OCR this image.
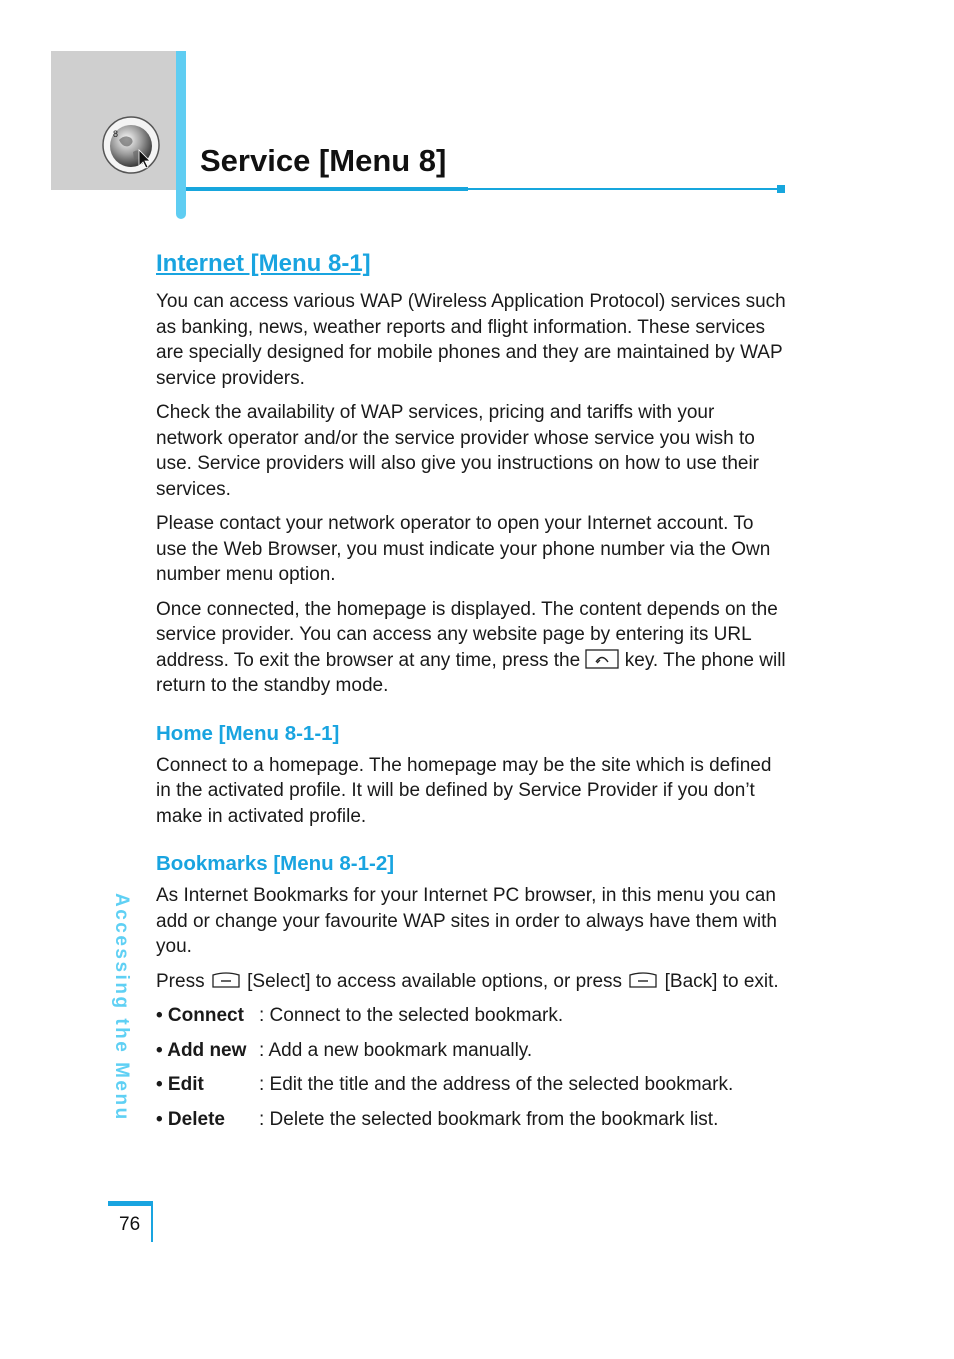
8
Service [Menu 8]
Internet [Menu 8-1]

You can access various WAP (Wireless Application Protocol) services such as banking, news, weather reports and flight information. These services are specially designed for mobile phones and they are maintained by WAP service providers.

Check the availability of WAP services, pricing and tariffs with your network operator and/or the service provider whose service you wish to use. Service providers will also give you instructions on how to use their services.

Please contact your network operator to open your Internet account. To use the Web Browser, you must indicate your phone number via the Own number menu option.

Once connected, the homepage is displayed. The content depends on the service provider. You can access any website page by entering its URL address. To exit the browser at any time, press the  key. The phone will return to the standby mode.

Home [Menu 8-1-1]

Connect to a homepage. The homepage may be the site which is defined in the activated profile. It will be defined by Service Provider if you don’t make in activated profile.

Bookmarks [Menu 8-1-2]

As Internet Bookmarks for your Internet PC browser, in this menu you can add or change your favourite WAP sites in order to always have them with you.

Press  [Select] to access available options, or press  [Back] to exit.

• Connect : Connect to the selected bookmark.
• Add new : Add a new bookmark manually.
• Edit	: Edit the title and the address of the selected bookmark.
• Delete	: Delete the selected bookmark from the bookmark list.
Accessing the Menu
76
